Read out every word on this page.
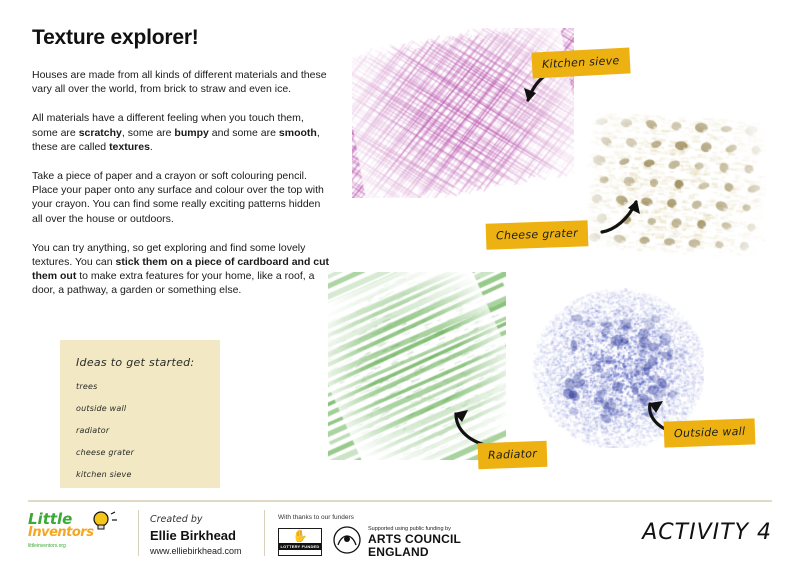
Texture explorer!
Houses are made from all kinds of different materials and these vary all over the world, from brick to straw and even ice.
All materials have a different feeling when you touch them, some are scratchy, some are bumpy and some are smooth, these are called textures.
Take a piece of paper and a crayon or soft colouring pencil. Place your paper onto any surface and colour over the top with your crayon. You can find some really exciting patterns hidden all over the house or outdoors.
You can try anything, so get exploring and find some lovely textures. You can stick them on a piece of cardboard and cut them out to make extra features for your home, like a roof, a door, a pathway, a garden or something else.
Ideas to get started:
trees
outside wall
radiator
cheese grater
kitchen sieve
Kitchen sieve
Cheese grater
Radiator
Outside wall
Little
Inventors
littleinventors.org
Created by
Ellie Birkhead
www.elliebirkhead.com
With thanks to our funders
✋
LOTTERY FUNDED
Supported using public funding by
ARTS COUNCIL
ENGLAND
ACTIVITY 4
